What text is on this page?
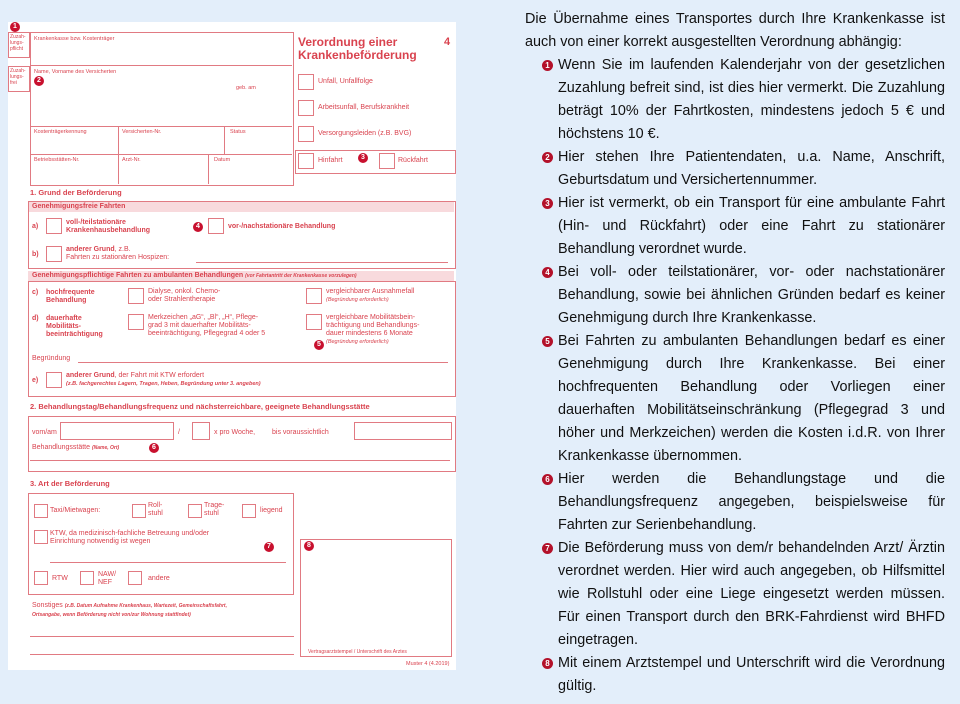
Zuzah-lungs-pflicht
Zuzah-lungs-frei
Krankenkasse bzw. Kostenträger
Name, Vorname des Versicherten
geb. am
Kostenträgerkennung	Versicherten-Nr.	Status
Betriebsstätten-Nr.	Arzt-Nr.	Datum
Verordnung einer
Krankenbeförderung
4
Unfall, Unfallfolge
Arbeitsunfall, Berufskrankheit
Versorgungsleiden (z.B. BVG)
Hinfahrt	Rückfahrt
1. Grund der Beförderung
Genehmigungsfreie Fahrten
a)
voll-/teilstationäre
Krankenhausbehandlung
vor-/nachstationäre Behandlung
b)
anderer Grund, z.B.
Fahrten zu stationären Hospizen:
Genehmigungspflichtige Fahrten zu ambulanten Behandlungen (vor Fahrtantritt der Krankenkasse vorzulegen)
c) hochfrequente
Behandlung
Dialyse, onkol. Chemo-
oder Strahlentherapie
vergleichbarer Ausnahmefall
(Begründung erforderlich)
d) dauerhafte
Mobilitäts-
beeinträchtigung
Merkzeichen „aG“, „Bl“, „H“, Pflege-
grad 3 mit dauerhafter Mobilitäts-
beeinträchtigung, Pflegegrad 4 oder 5
vergleichbare Mobilitätsbein-
trächtigung und Behandlungs-
dauer mindestens 6 Monate
(Begründung erforderlich)
Begründung
e)
anderer Grund, der Fahrt mit KTW erfordert
(z.B. fachgerechtes Lagern, Tragen, Heben, Begründung unter 3. angeben)
2. Behandlungstag/Behandlungsfrequenz und nächsterreichbare, geeignete Behandlungsstätte
vom/am	/	x pro Woche, bis voraussichtlich
Behandlungsstätte (Name, Ort)
3. Art der Beförderung
Taxi/Mietwagen:
Roll-
stuhl
Trage-
stuhl	liegend
KTW, da medizinisch-fachliche Betreuung und/oder
Einrichtung notwendig ist wegen
RTW
NAW/
NEF
andere
Vertragsarztstempel / Unterschrift des Arztes
Sonstiges (z.B. Datum Aufnahme Krankenhaus, Wartezeit, Gemeinschaftsfahrt,
Ortsangabe, wenn Beförderung nicht von/zur Wohnung stattfindet)
Muster 4 (4.2019)
1
2
3
4
5
6
7	8
Die Übernahme eines Transportes durch Ihre Krankenkasse ist auch von einer korrekt ausgestellten Verordnung abhängig:
1 Wenn Sie im laufenden Kalenderjahr von der gesetzlichen Zuzahlung befreit sind, ist dies hier vermerkt. Die Zuzahlung beträgt 10% der Fahrtkosten, mindestens jedoch 5 € und höchstens 10 €.
2 Hier stehen Ihre Patientendaten, u.a. Name, Anschrift, Geburtsdatum und Versichertennummer.
3 Hier ist vermerkt, ob ein Transport für eine ambulante Fahrt (Hin- und Rückfahrt) oder eine Fahrt zu stationärer Behandlung verordnet wurde.
4 Bei voll- oder teilstationärer, vor- oder nachstationärer Behandlung, sowie bei ähnlichen Gründen bedarf es keiner Genehmigung durch Ihre Krankenkasse.
5 Bei Fahrten zu ambulanten Behandlungen bedarf es einer Genehmigung durch Ihre Krankenkasse. Bei einer hochfrequenten Behandlung oder Vorliegen einer dauerhaften Mobilitätseinschränkung (Pflegegrad 3 und höher und Merkzeichen) werden die Kosten i.d.R. von Ihrer Krankenkasse übernommen.
6 Hier werden die Behandlungstage und die Behandlungsfrequenz angegeben, beispielsweise für Fahrten zur Serienbehandlung.
7 Die Beförderung muss von dem/r behandelnden Arzt/ Ärztin verordnet werden. Hier wird auch angegeben, ob Hilfsmittel wie Rollstuhl oder eine Liege eingesetzt werden müssen. Für einen Transport durch den BRK-Fahrdienst wird BHFD eingetragen.
8 Mit einem Arztstempel und Unterschrift wird die Verordnung gültig.
